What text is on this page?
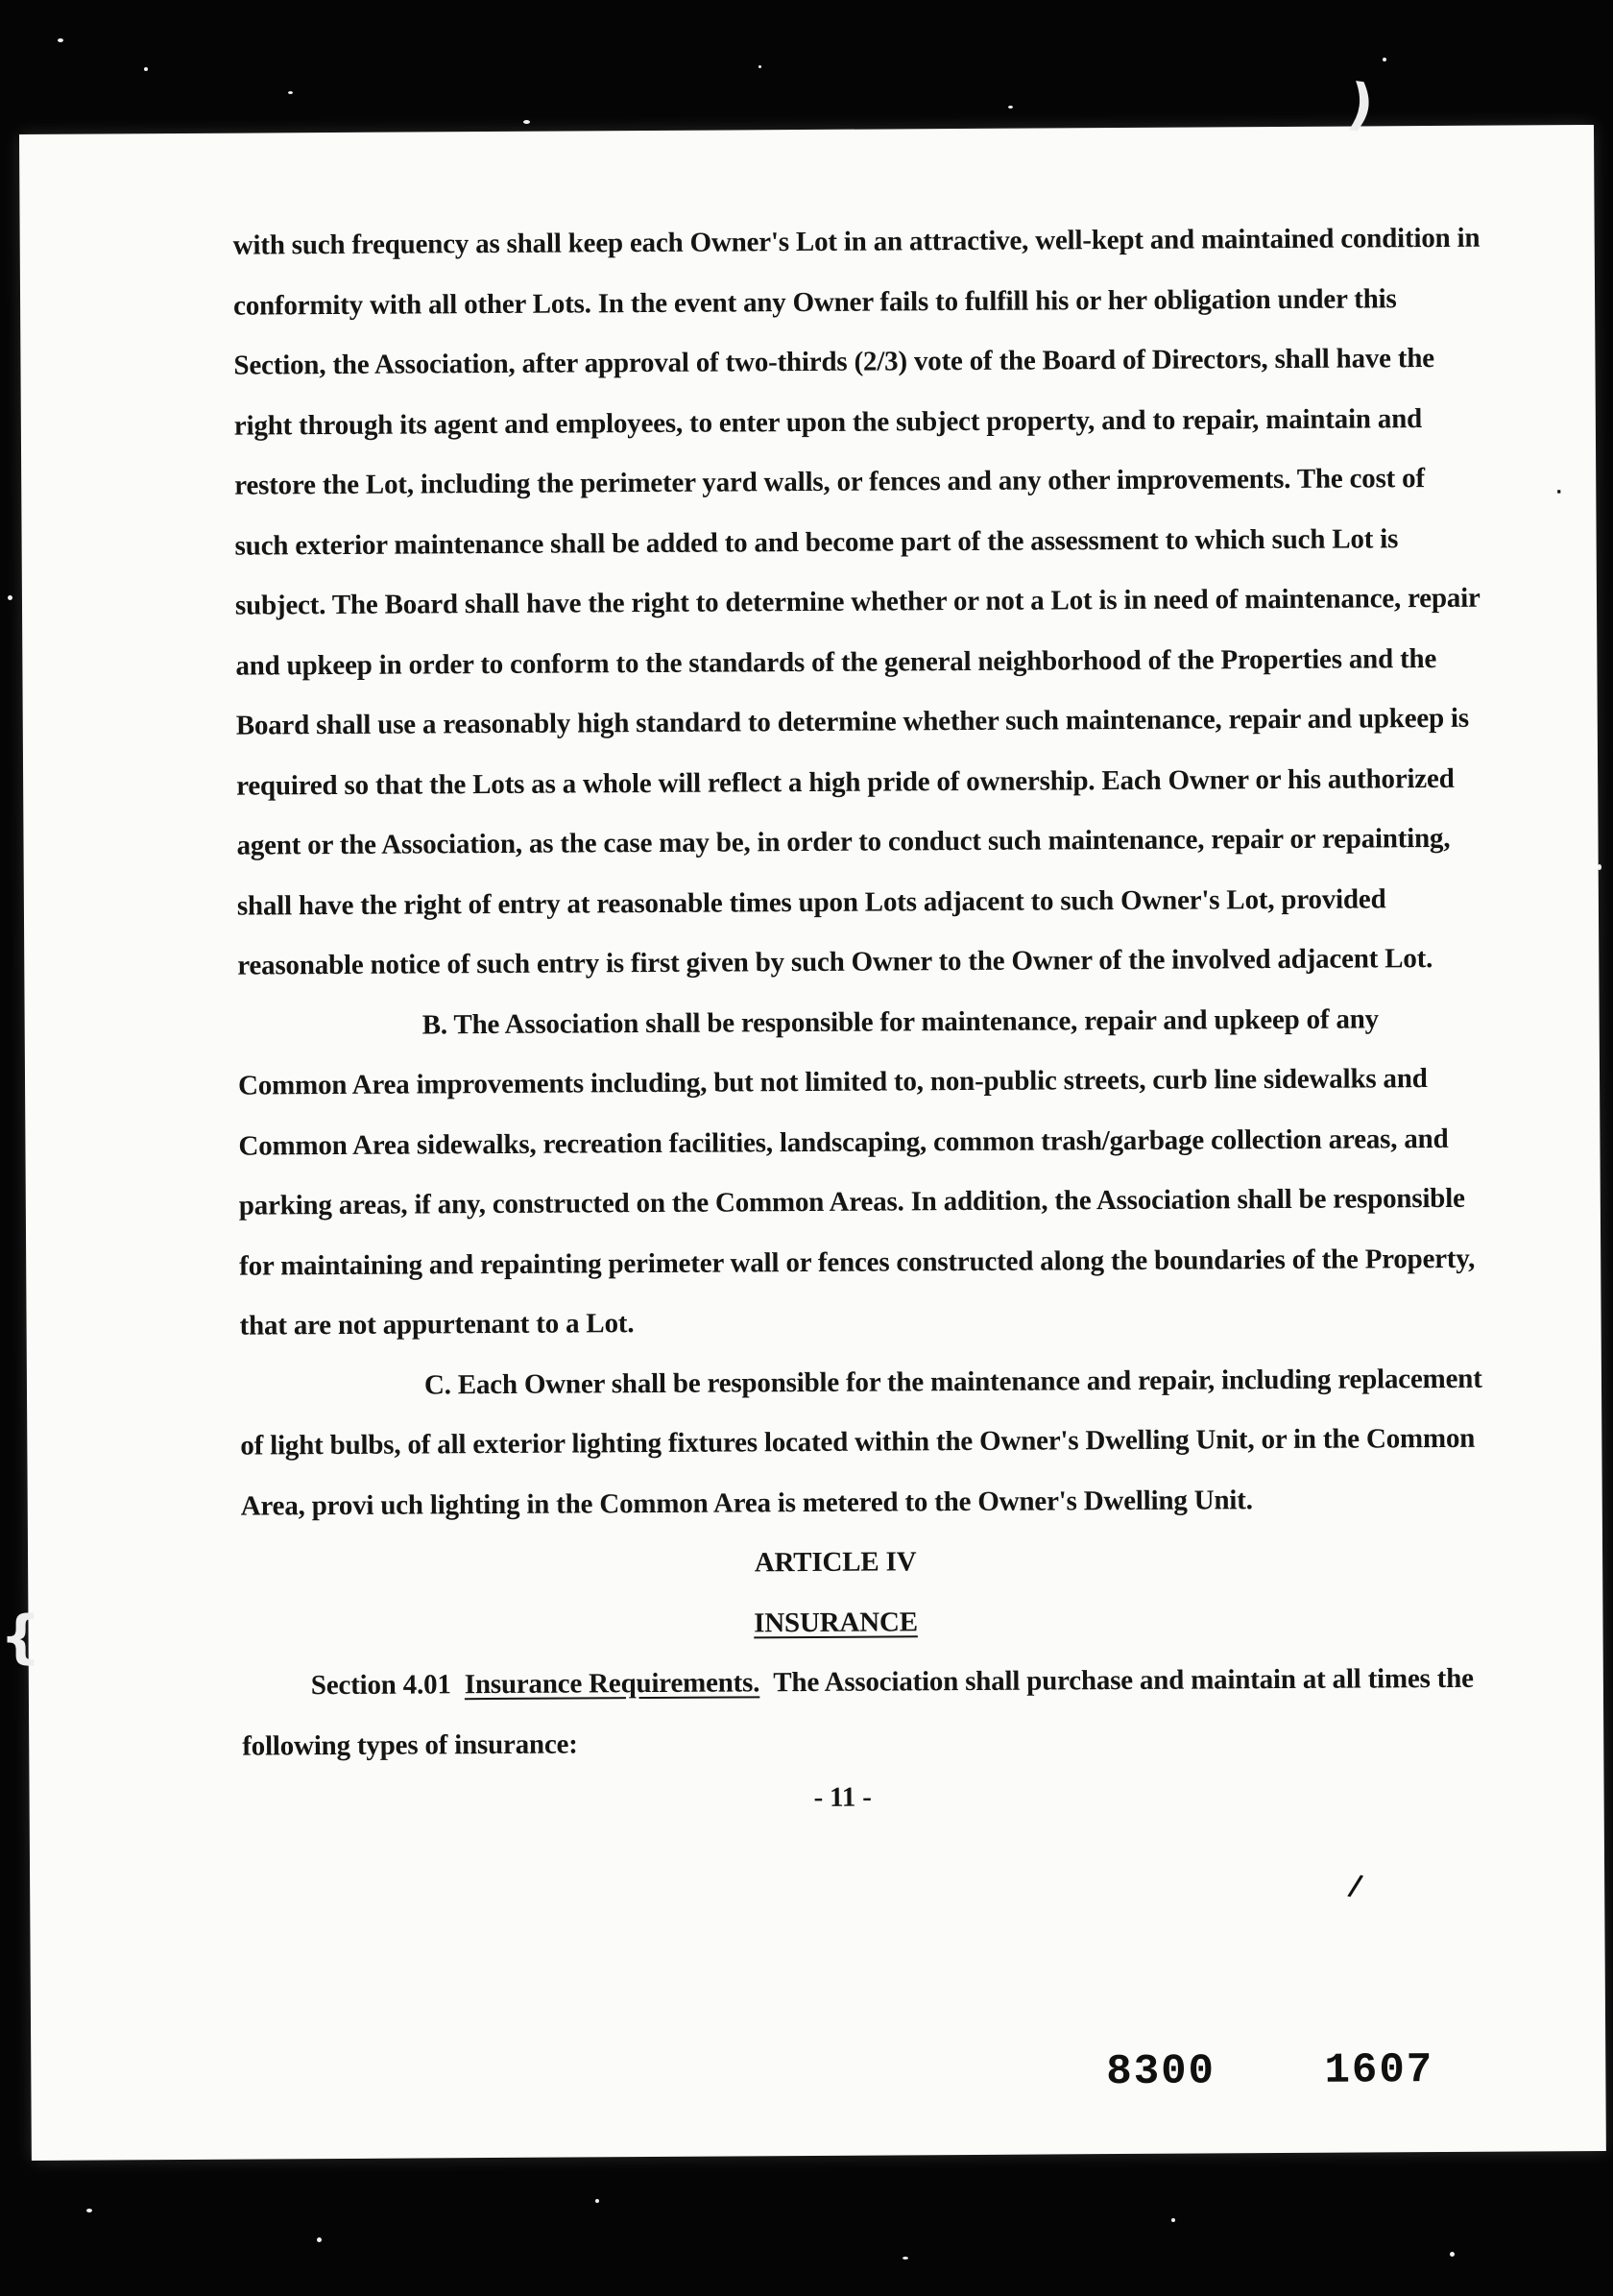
with such frequency as shall keep each Owner's Lot in an attractive, well-kept and maintained condition in conformity with all other Lots. In the event any Owner fails to fulfill his or her obligation under this Section, the Association, after approval of two-thirds (2/3) vote of the Board of Directors, shall have the right through its agent and employees, to enter upon the subject property, and to repair, maintain and restore the Lot, including the perimeter yard walls, or fences and any other improvements. The cost of such exterior maintenance shall be added to and become part of the assessment to which such Lot is subject. The Board shall have the right to determine whether or not a Lot is in need of maintenance, repair and upkeep in order to conform to the standards of the general neighborhood of the Properties and the Board shall use a reasonably high standard to determine whether such maintenance, repair and upkeep is required so that the Lots as a whole will reflect a high pride of ownership. Each Owner or his authorized agent or the Association, as the case may be, in order to conduct such maintenance, repair or repainting, shall have the right of entry at reasonable times upon Lots adjacent to such Owner's Lot, provided reasonable notice of such entry is first given by such Owner to the Owner of the involved adjacent Lot.

B. The Association shall be responsible for maintenance, repair and upkeep of any Common Area improvements including, but not limited to, non-public streets, curb line sidewalks and Common Area sidewalks, recreation facilities, landscaping, common trash/garbage collection areas, and parking areas, if any, constructed on the Common Areas. In addition, the Association shall be responsible for maintaining and repainting perimeter wall or fences constructed along the boundaries of the Property, that are not appurtenant to a Lot.

C. Each Owner shall be responsible for the maintenance and repair, including replacement of light bulbs, of all exterior lighting fixtures located within the Owner's Dwelling Unit, or in the Common Area, provi uch lighting in the Common Area is metered to the Owner's Dwelling Unit.

ARTICLE IV

INSURANCE

Section 4.01 Insurance Requirements. The Association shall purchase and maintain at all times the following types of insurance:

- 11 -

8300    1607
/
·
)
{
